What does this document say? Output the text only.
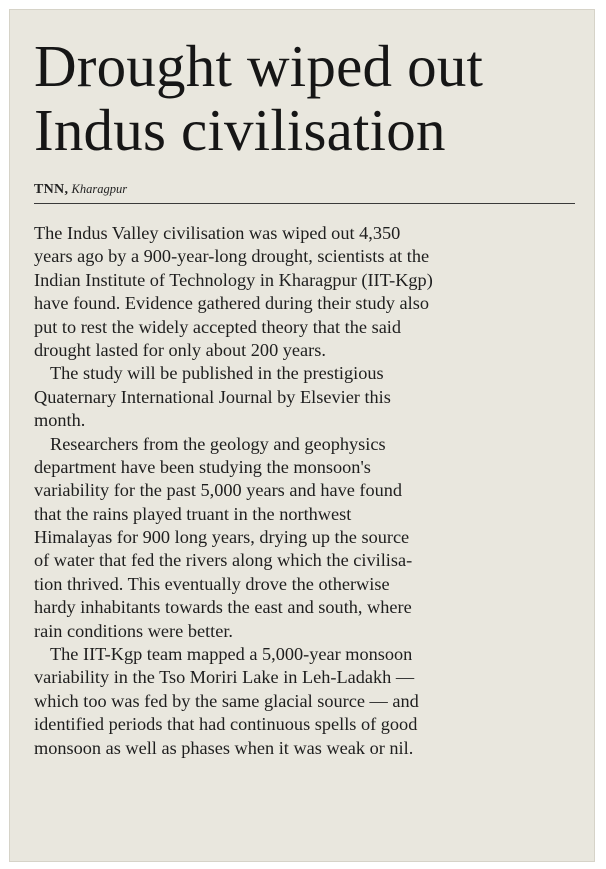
Drought wiped out
Indus civilisation
TNN, Kharagpur

The Indus Valley civilisation was wiped out 4,350
years ago by a 900-year-long drought, scientists at the
Indian Institute of Technology in Kharagpur (IIT-Kgp)
have found. Evidence gathered during their study also
put to rest the widely accepted theory that the said
drought lasted for only about 200 years.

The study will be published in the prestigious
Quaternary International Journal by Elsevier this
month.

Researchers from the geology and geophysics
department have been studying the monsoon's
variability for the past 5,000 years and have found
that the rains played truant in the northwest
Himalayas for 900 long years, drying up the source
of water that fed the rivers along which the civilisa-
tion thrived. This eventually drove the otherwise
hardy inhabitants towards the east and south, where
rain conditions were better.

The IIT-Kgp team mapped a 5,000-year monsoon
variability in the Tso Moriri Lake in Leh-Ladakh —
which too was fed by the same glacial source — and
identified periods that had continuous spells of good
monsoon as well as phases when it was weak or nil.
